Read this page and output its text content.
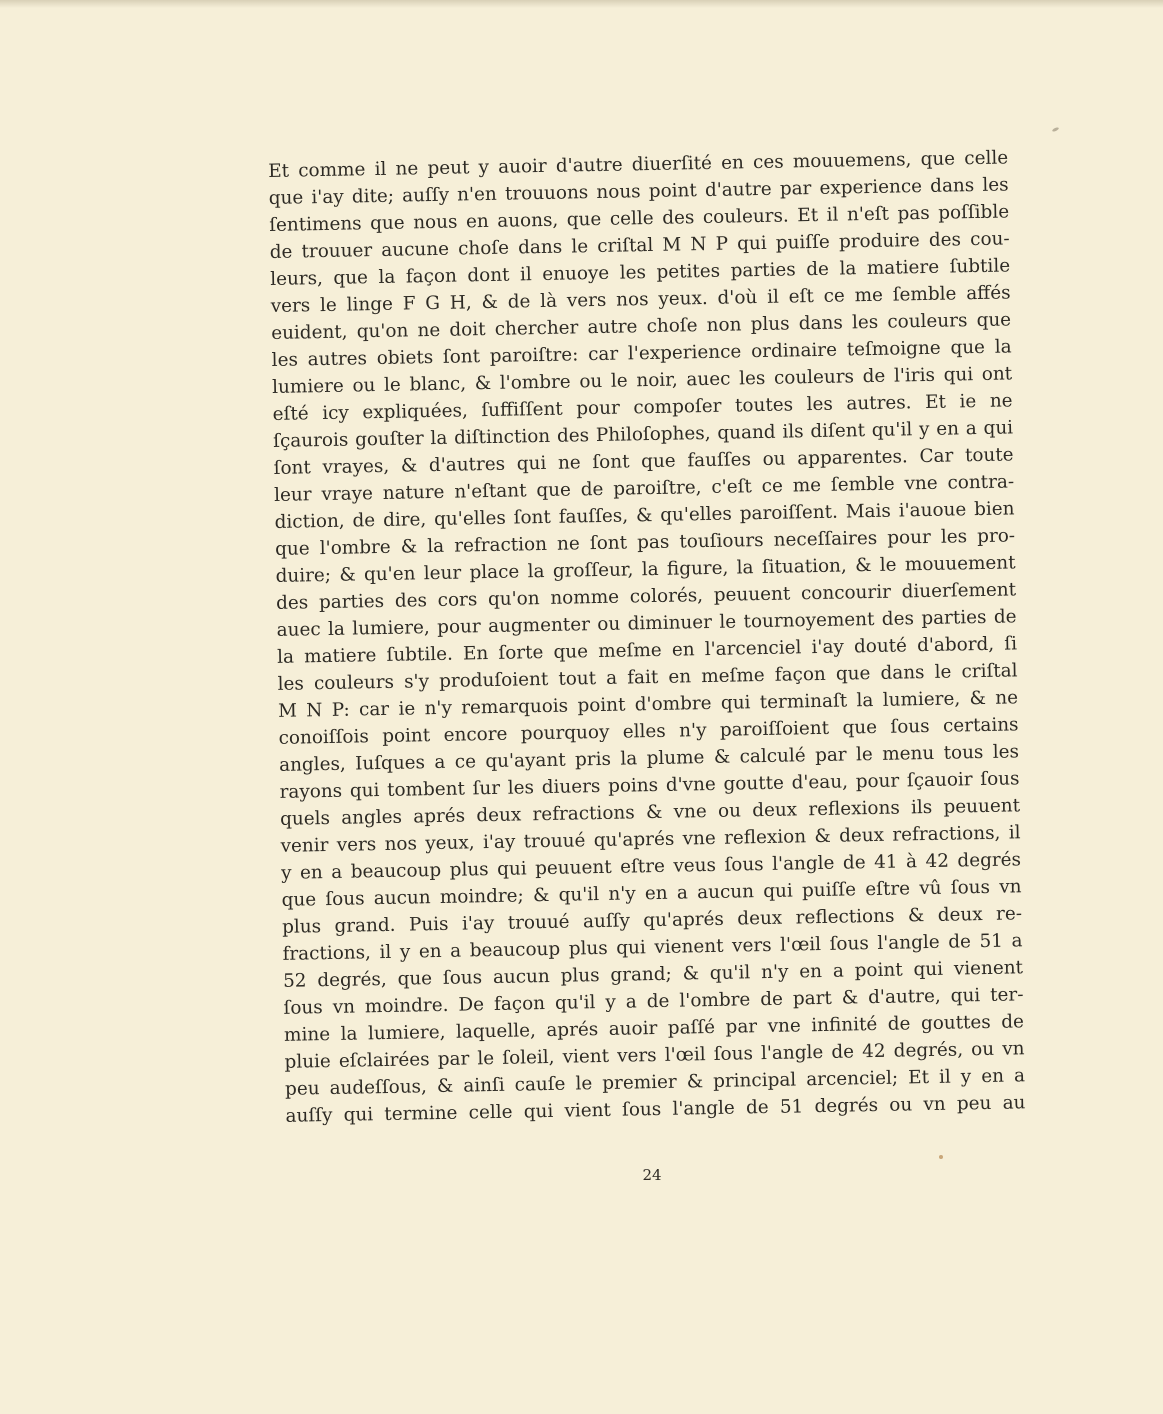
Et comme il ne peut y auoir d'autre diuerſité en ces mouuemens, que celle
que i'ay dite; auſſy n'en trouuons nous point d'autre par experience dans les
ſentimens que nous en auons, que celle des couleurs. Et il n'eſt pas poſſible
de trouuer aucune choſe dans le criſtal M N P qui puiſſe produire des cou-
leurs, que la façon dont il enuoye les petites parties de la matiere ſubtile
vers le linge F G H, & de là vers nos yeux. d'où il eſt ce me ſemble affés
euident, qu'on ne doit chercher autre choſe non plus dans les couleurs que
les autres obiets ſont paroiſtre: car l'experience ordinaire teſmoigne que la
lumiere ou le blanc, & l'ombre ou le noir, auec les couleurs de l'iris qui ont
eſté icy expliquées, ſuffiſſent pour compoſer toutes les autres. Et ie ne
ſçaurois gouſter la diſtinction des Philoſophes, quand ils diſent qu'il y en a qui
ſont vrayes, & d'autres qui ne ſont que fauſſes ou apparentes. Car toute
leur vraye nature n'eſtant que de paroiſtre, c'eſt ce me ſemble vne contra-
diction, de dire, qu'elles ſont fauſſes, & qu'elles paroiſſent. Mais i'auoue bien
que l'ombre & la refraction ne ſont pas touſiours neceſſaires pour les pro-
duire; & qu'en leur place la groſſeur, la figure, la ſituation, & le mouuement
des parties des cors qu'on nomme colorés, peuuent concourir diuerſement
auec la lumiere, pour augmenter ou diminuer le tournoyement des parties de
la matiere ſubtile. En ſorte que meſme en l'arcenciel i'ay douté d'abord, ſi
les couleurs s'y produſoient tout a fait en meſme façon que dans le criſtal
M N P: car ie n'y remarquois point d'ombre qui terminaſt la lumiere, & ne
conoiſſois point encore pourquoy elles n'y paroiſſoient que ſous certains
angles, Iuſques a ce qu'ayant pris la plume & calculé par le menu tous les
rayons qui tombent ſur les diuers poins d'vne goutte d'eau, pour ſçauoir ſous
quels angles aprés deux refractions & vne ou deux reflexions ils peuuent
venir vers nos yeux, i'ay trouué qu'aprés vne reflexion & deux refractions, il
y en a beaucoup plus qui peuuent eſtre veus ſous l'angle de 41 à 42 degrés
que ſous aucun moindre; & qu'il n'y en a aucun qui puiſſe eſtre vû ſous vn
plus grand. Puis i'ay trouué auſſy qu'aprés deux reflections & deux re-
fractions, il y en a beaucoup plus qui vienent vers l'œil ſous l'angle de 51 a
52 degrés, que ſous aucun plus grand; & qu'il n'y en a point qui vienent
ſous vn moindre. De façon qu'il y a de l'ombre de part & d'autre, qui ter-
mine la lumiere, laquelle, aprés auoir paſſé par vne infinité de gouttes de
pluie eſclairées par le ſoleil, vient vers l'œil ſous l'angle de 42 degrés, ou vn
peu audeſſous, & ainſi cauſe le premier & principal arcenciel; Et il y en a
auſſy qui termine celle qui vient ſous l'angle de 51 degrés ou vn peu au
24
